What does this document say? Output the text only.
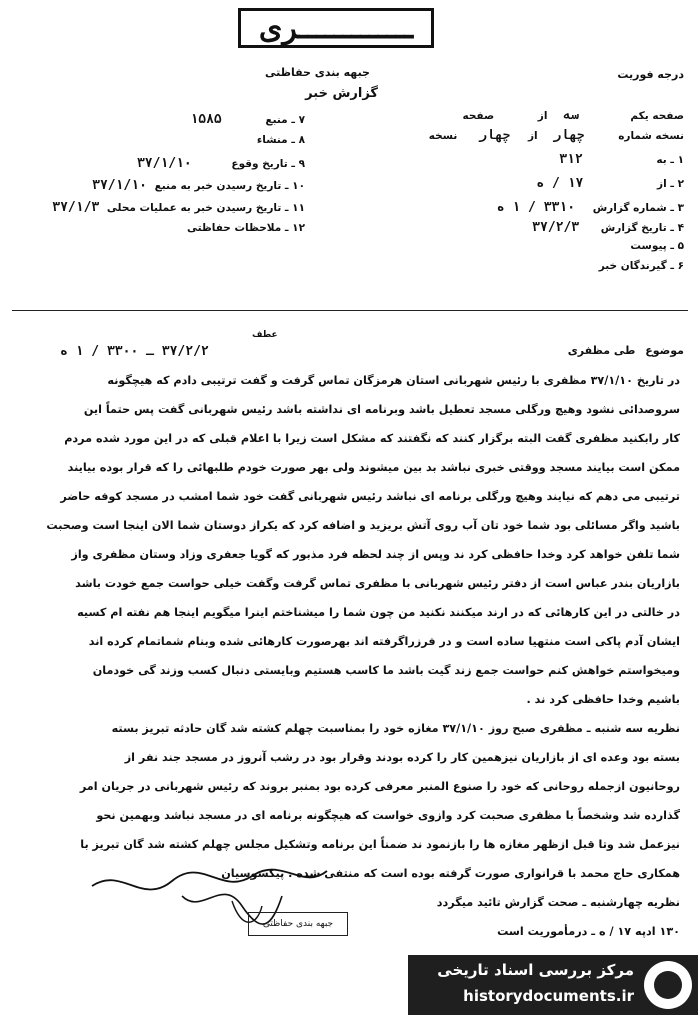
ـــــــــــــری
جبهه بندی حفاظتی
گزارش خبر
درجه فوریت
صفحه یکم سه از صفحه
نسخه شماره چهار از چهار نسخه
۱ ـ به ۳۱۲
۲ ـ از ۱۷ / ه
۳ ـ شماره گزارش ۳۳۱۰ / ۱ ه
۴ ـ تاریخ گزارش ۳۷/۲/۳
۵ ـ پیوست
۶ ـ گیرندگان خبر
۷ ـ منبع ۱۵۸۵
۸ ـ منشاء
۹ ـ تاریخ وقوع ۳۷/۱/۱۰
۱۰ ـ تاریخ رسیدن خبر به منبع ۳۷/۱/۱۰
۱۱ ـ تاریخ رسیدن خبر به عملیات محلی ۳۷/۱/۳
۱۲ ـ ملاحظات حفاظتی
موضوع طی مظفری
عطف
۳۷/۲/۲ ـ ۳۳۰۰ / ۱ ه
در تاریخ ۳۷/۱/۱۰ مظفری با رئیس شهربانی استان هرمزگان تماس گرفت و گفت ترتیبی دادم که هیچگونه
سروصدائی نشود وهیچ ورگلی مسجد تعطیل باشد وبرنامه ای نداشته باشد رئیس شهربانی گفت پس حتماً این
کار رابکنید مظفری گفت البته برگزار کنند که نگفتند که مشکل است زیرا با اعلام قبلی که در این مورد شده مردم
ممکن است بیایند مسجد ووقتی خبری نباشد بد بین میشوند ولی بهر صورت خودم طلبهائی را که قرار بوده بیایند
ترتیبی می دهم که نیایند وهیچ ورگلی برنامه ای نباشد رئیس شهربانی گفت خود شما امشب در مسجد کوفه حاضر
باشید واگر مسائلی بود شما خود تان آب روی آتش بریزید و اضافه کرد که یکراز دوستان شما الان اینجا است وصحبت
شما تلفن خواهد کرد وخدا حافظی کرد ند وپس از چند لحظه فرد مذبور که گویا جعفری وزاد وستان مظفری واز
بازاریان بندر عباس است از دفتر رئیس شهربانی با مظفری تماس گرفت وگفت خیلی حواست جمع خودت باشد
در خالتی در این کارهائی که در ارند میکنند نکنید من چون شما را میشناختم اینرا میگویم اینجا هم نفته ام کسیه
ایشان آدم پاکی است منتهیا ساده است و در فرزراگرفته اند بهرصورت کارهائی شده وبنام شماتمام کرده اند
ومیخواستم خواهش کنم حواست جمع زند گیت باشد ما کاسب هستیم وبایستی دنبال کسب وزند گی خودمان
باشیم وخدا حافظی کرد ند .
نظریه سه شنبه ـ مظفری صبح روز ۳۷/۱/۱۰ مغازه خود را بمناسبت چهلم کشته شد گان حادثه تبریز بسته
بسته بود وعده ای از بازاریان نیزهمین کار را کرده بودند وقرار بود در رشب آنروز در مسجد جند نفر از
روحانیون ازجمله روحانی که خود را صنوع المنبر معرفی کرده بود بمنبر بروند که رئیس شهربانی در جریان امر
گذارده شد وشخصاً با مظفری صحبت کرد وازوی خواست که هیچگونه برنامه ای در مسجد نباشد وبهمین نحو
نیزعمل شد وتا قبل ازظهر مغازه ها را بازنمود ند ضمناً این برنامه وتشکیل مجلس چهلم کشته شد گان تبریز با
همکاری حاج محمد با قرانواری صورت گرفته بوده است که منتفی شده . پیکسوسیان
نظریه چهارشنبه ـ صحت گزارش تائید میگردد
۱۳۰ ادپه ۱۷ / ه ـ درمأموریت است
جبهه بندی حفاظتی
مرکز بررسی اسناد تاریخی
historydocuments.ir
